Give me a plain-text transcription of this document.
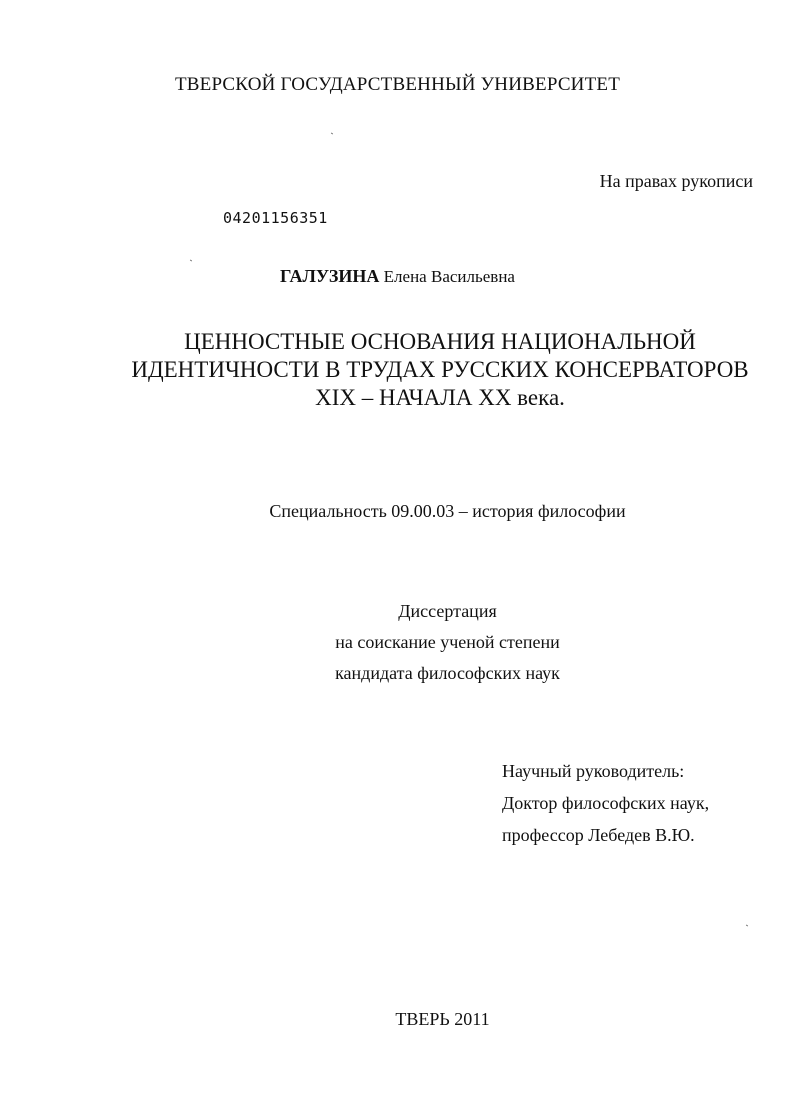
ТВЕРСКОЙ ГОСУДАРСТВЕННЫЙ УНИВЕРСИТЕТ
На правах рукописи
04201156351
ГАЛУЗИНА Елена Васильевна
ЦЕННОСТНЫЕ ОСНОВАНИЯ НАЦИОНАЛЬНОЙ
ИДЕНТИЧНОСТИ В ТРУДАХ РУССКИХ КОНСЕРВАТОРОВ
XIX – НАЧАЛА XX века.
Специальность 09.00.03 – история философии
Диссертация
на соискание ученой степени
кандидата философских наук
Научный руководитель:
Доктор философских наук,
профессор Лебедев В.Ю.
ТВЕРЬ 2011
